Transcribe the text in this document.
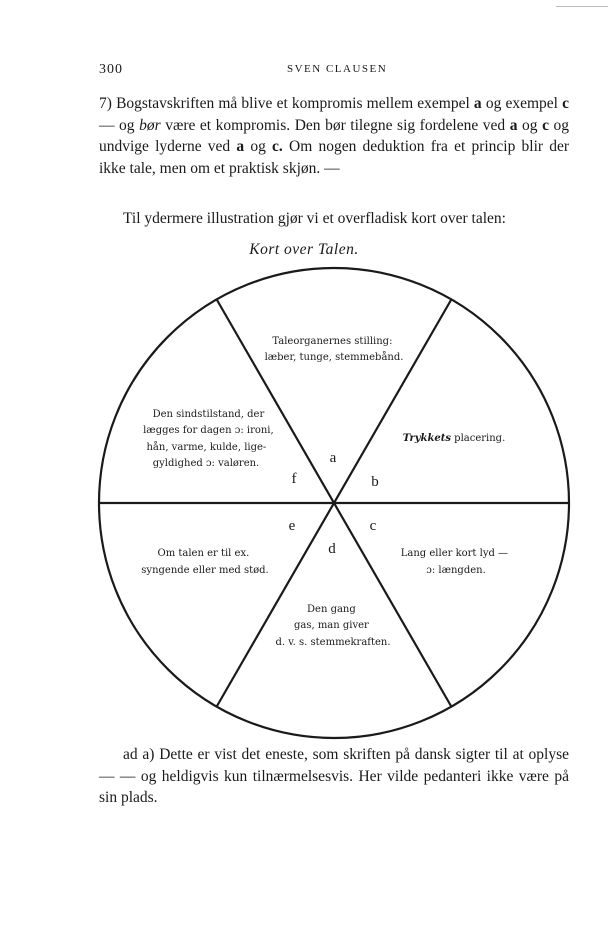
300	SVEN CLAUSEN
7) Bogstavskriften må blive et kompromis mellem exempel a og exempel c — og bør være et kompromis. Den bør tilegne sig fordelene ved a og c og undvige lyderne ved a og c. Om nogen deduktion fra et princip blir der ikke tale, men om et praktisk skjøn. —
Til ydermere illustration gjør vi et overfladisk kort over talen:
Kort over Talen.
Taleorganernes stilling: læber, tunge, stemmebånd.
a
Trykkets placering.
b
Lang eller kort lyd — ɔ: længden.
c
Den gang gas, man giver d. v. s. stemmekraften.
d
Om talen er til ex. syngende eller med stød.
e
Den sindstilstand, der lægges for dagen ɔ: ironi, hån, varme, kulde, lige- gyldighed ɔ: valøren.
f
ad a) Dette er vist det eneste, som skriften på dansk sigter til at oplyse — — og heldigvis kun tilnærmelsesvis. Her vilde pedanteri ikke være på sin plads.
